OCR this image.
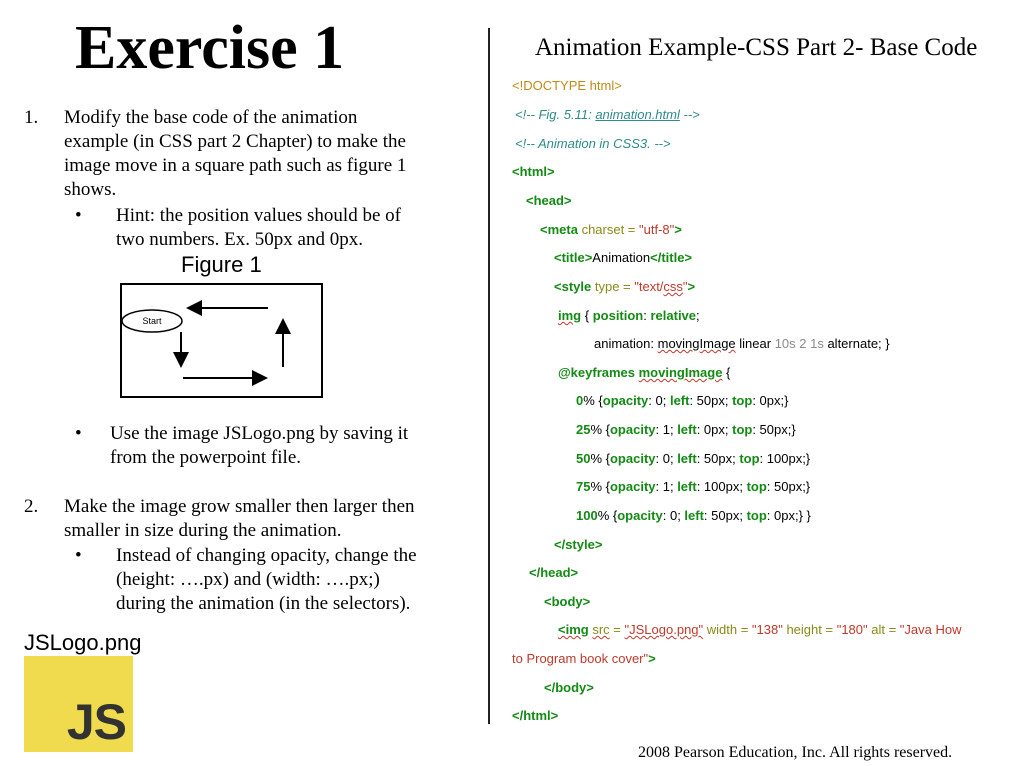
Exercise 1
1. Modify the base code of the animation
example (in CSS part 2 Chapter) to make the
image move in a square path such as figure 1
shows.
• Hint: the position values should be of
two numbers. Ex. 50px and 0px.
Figure 1
Start
• Use the image JSLogo.png by saving it
from the powerpoint file.
2. Make the image grow smaller then larger then
smaller in size during the animation.
• Instead of changing opacity, change the
(height: ….px) and (width: ….px;)
during the animation (in the selectors).
JSLogo.png
JS
Animation Example-CSS Part 2- Base Code
<!DOCTYPE html>
<!-- Fig. 5.11: animation.html -->
<!-- Animation in CSS3. -->
<html>
<head>
<meta charset = "utf-8">
<title>Animation</title>
<style type = "text/css">
img { position: relative;
animation: movingImage linear 10s 2 1s alternate; }
@keyframes movingImage {
0% {opacity: 0; left: 50px; top: 0px;}
25% {opacity: 1; left: 0px; top: 50px;}
50% {opacity: 0; left: 50px; top: 100px;}
75% {opacity: 1; left: 100px; top: 50px;}
100% {opacity: 0; left: 50px; top: 0px;} }
</style>
</head>
<body>
<img src = "JSLogo.png" width = "138" height = "180" alt = "Java How
to Program book cover">
</body>
</html>
  2008 Pearson Education, Inc. All rights reserved.
